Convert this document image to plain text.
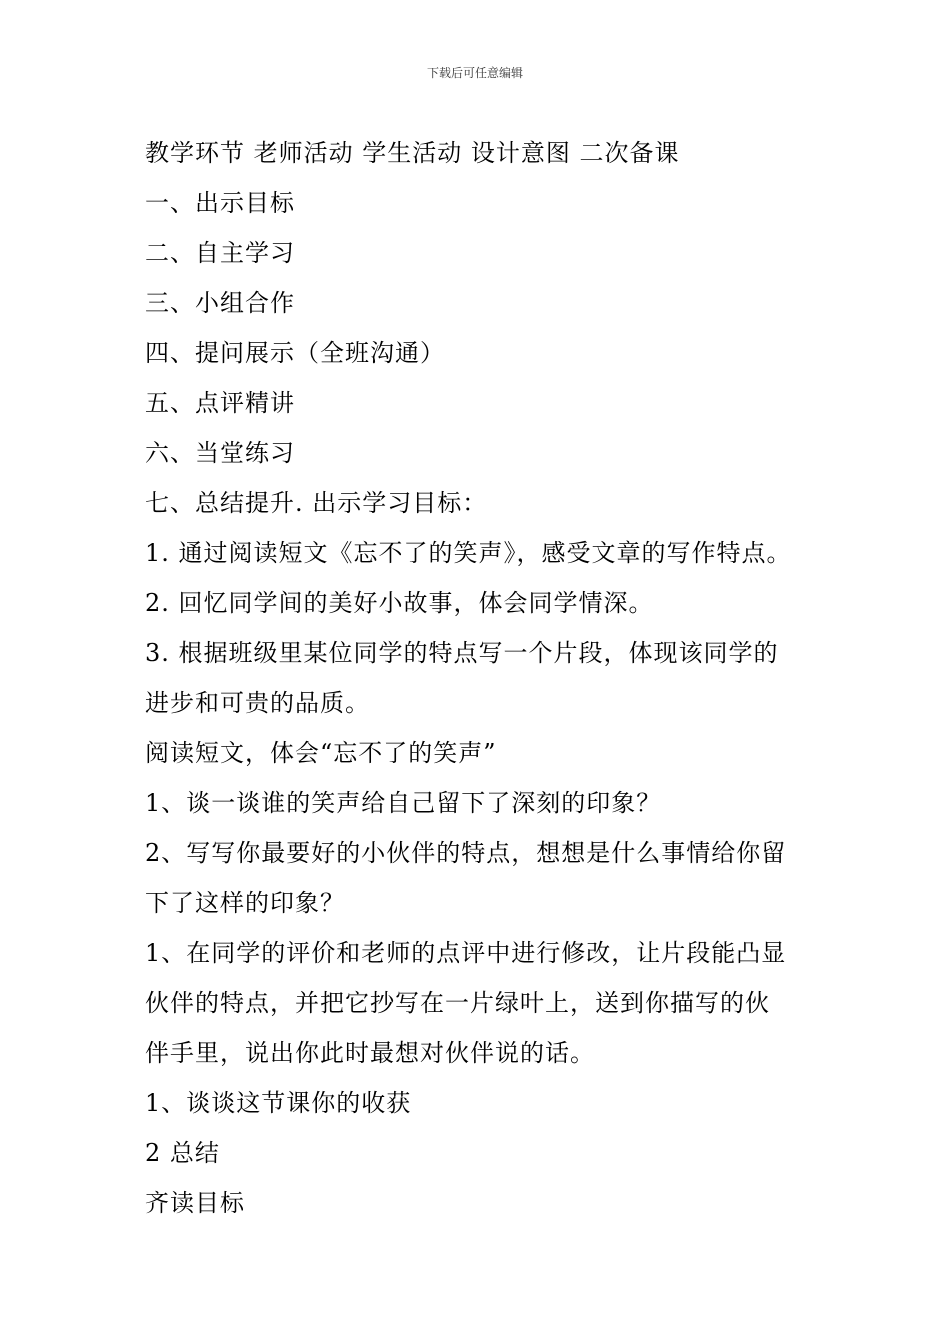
下载后可任意编辑
教学环节 老师活动 学生活动 设计意图 二次备课
一、出示目标
二、自主学习
三、小组合作
四、提问展示（全班沟通）
五、点评精讲
六、当堂练习
七、总结提升. 出示学习目标：
1. 通过阅读短文《忘不了的笑声》，感受文章的写作特点。
2. 回忆同学间的美好小故事，体会同学情深。
3. 根据班级里某位同学的特点写一个片段，体现该同学的
进步和可贵的品质。
阅读短文，体会“忘不了的笑声”
1、谈一谈谁的笑声给自己留下了深刻的印象？
2、写写你最要好的小伙伴的特点，想想是什么事情给你留
下了这样的印象？
1、在同学的评价和老师的点评中进行修改，让片段能凸显
伙伴的特点，并把它抄写在一片绿叶上，送到你描写的伙
伴手里，说出你此时最想对伙伴说的话。
1、谈谈这节课你的收获
2 总结
齐读目标
